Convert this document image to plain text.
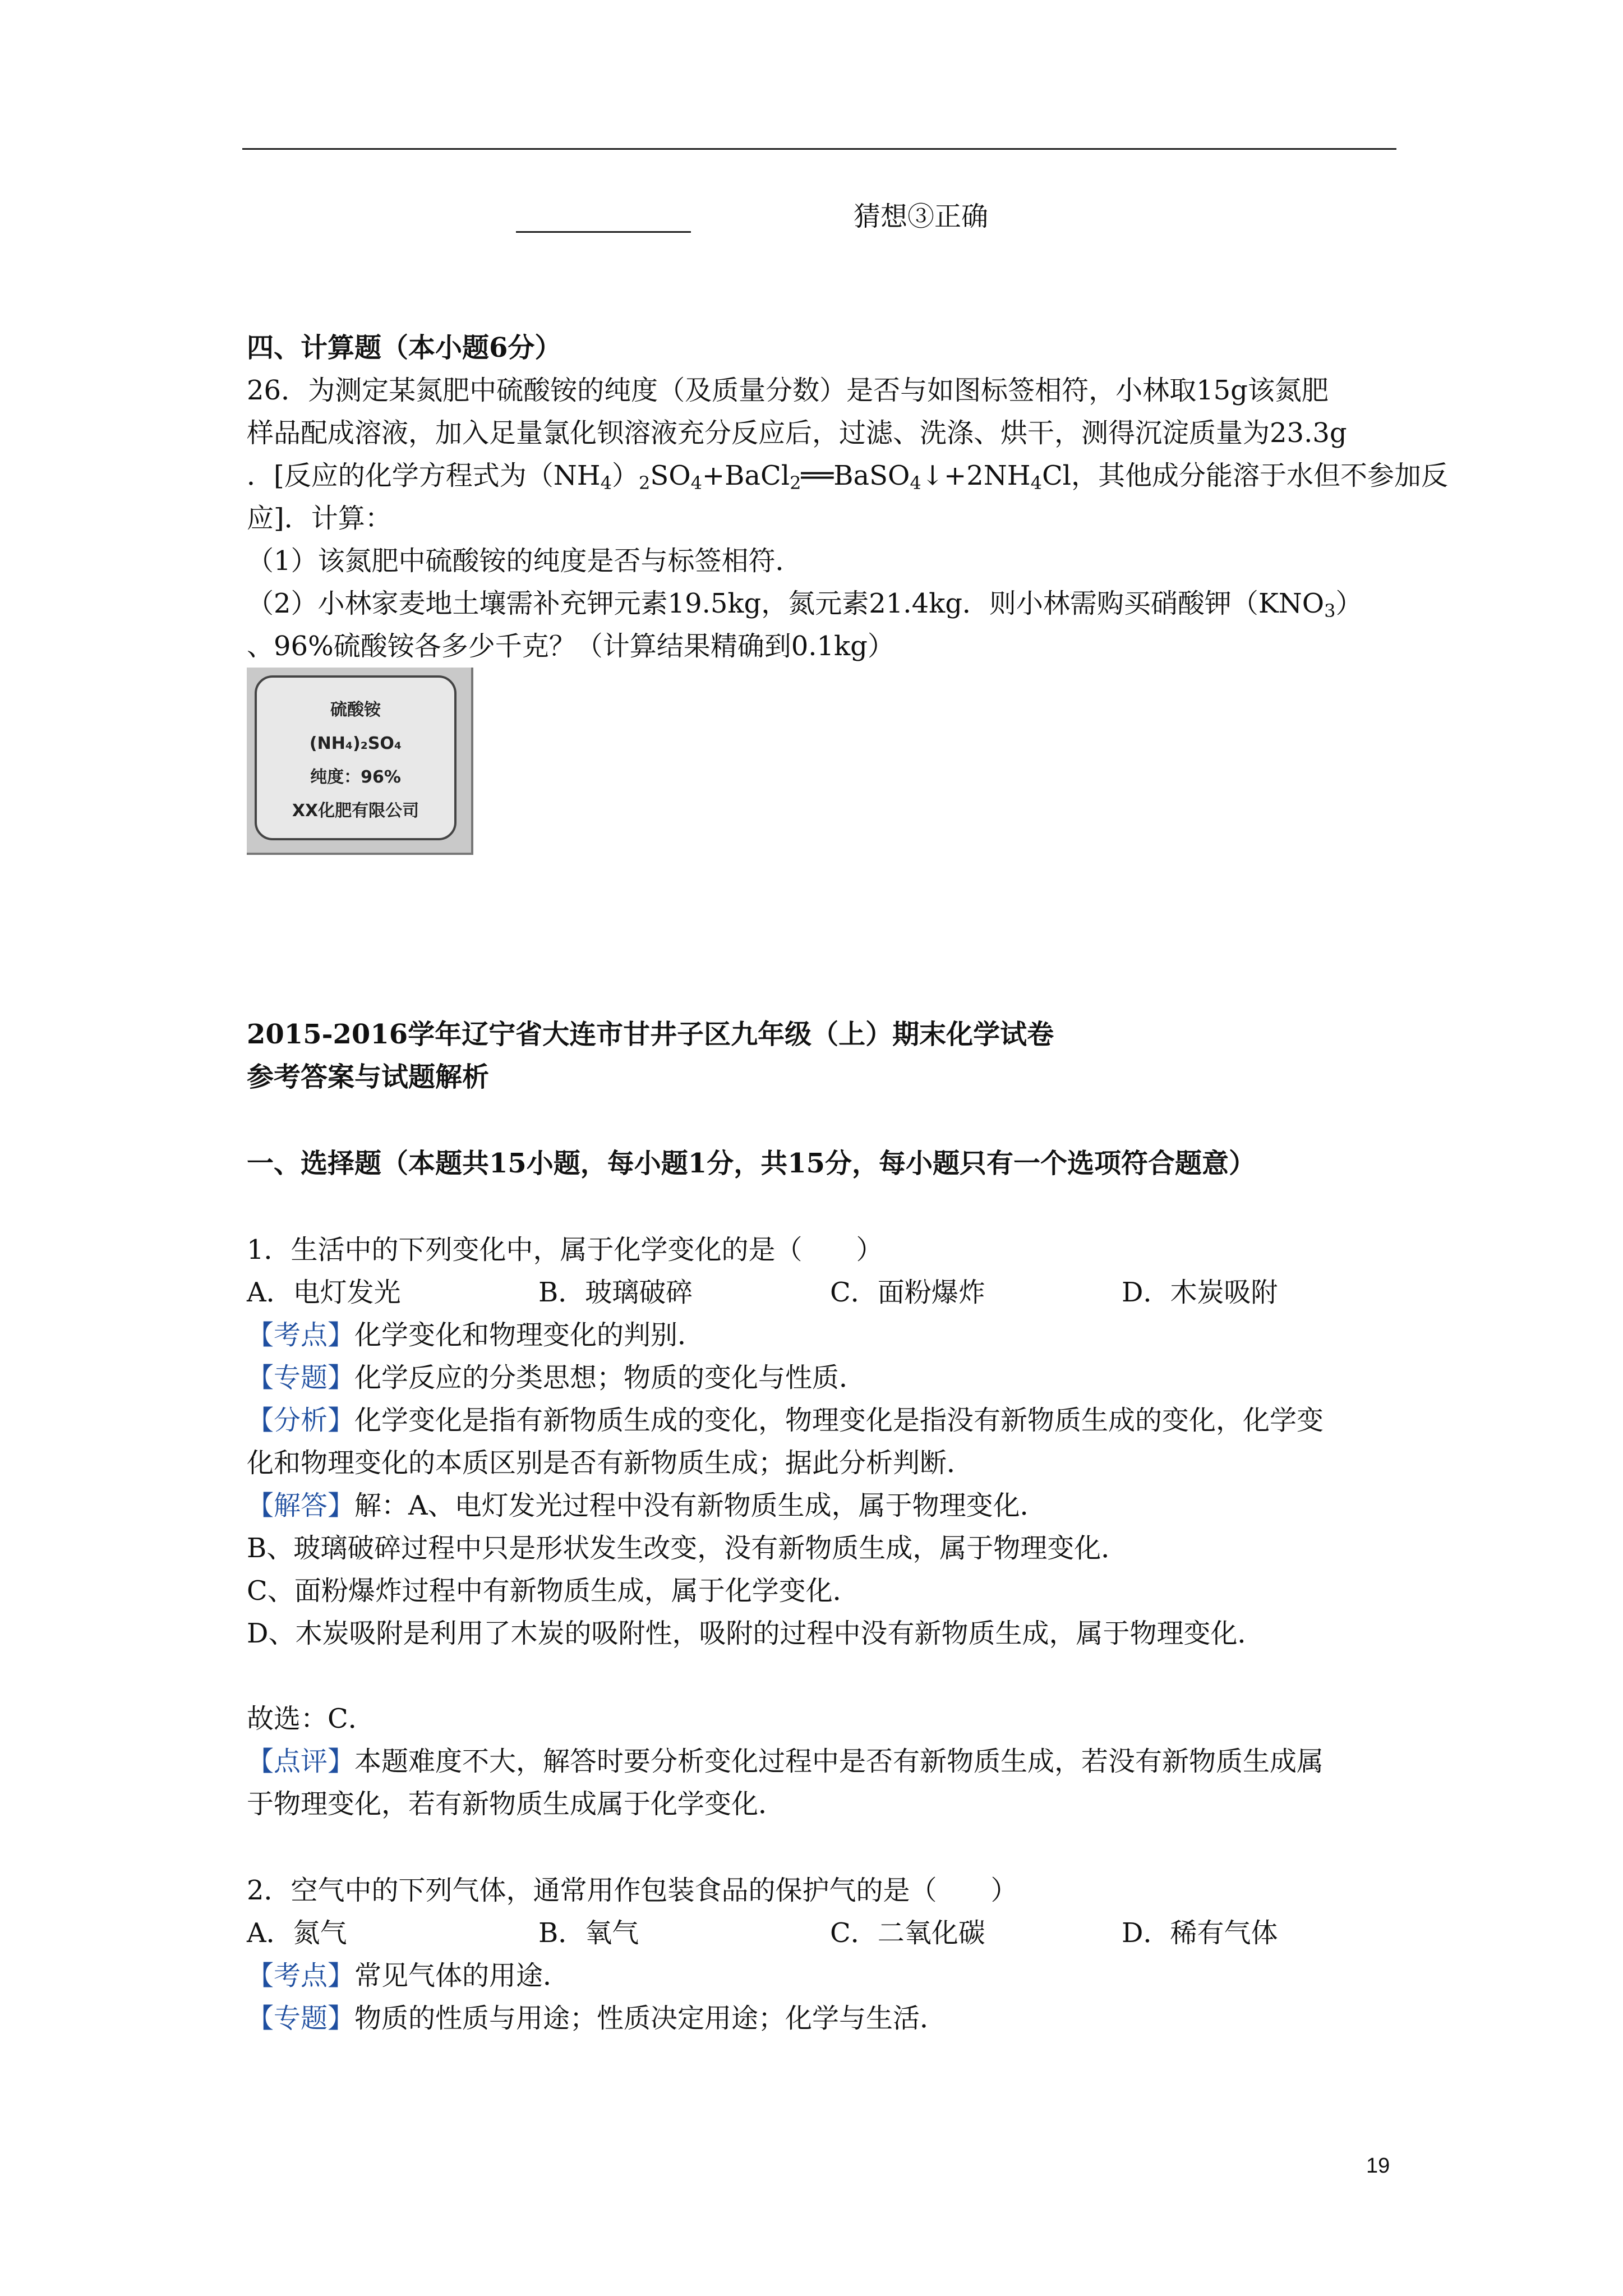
猜想③正确
四、计算题（本小题6分）
26．为测定某氮肥中硫酸铵的纯度（及质量分数）是否与如图标签相符，小林取15g该氮肥
样品配成溶液，加入足量氯化钡溶液充分反应后，过滤、洗涤、烘干，测得沉淀质量为23.3g
．[反应的化学方程式为$(NH_4)_2SO_4+BaCl_2══BaSO_4↓+2NH_4Cl$，其他成分能溶于水但不参加反
应]．计算：
（1）该氮肥中硫酸铵的纯度是否与标签相符．
（2）小林家麦地土壤需补充钾元素19.5kg，氮元素21.4kg．则小林需购买硝酸钾$(KNO_3)$
、96%硫酸铵各多少千克？（计算结果精确到0.1kg）
硫酸铵
(NH₄)₂SO₄
纯度：96%
XX化肥有限公司
2015-2016学年辽宁省大连市甘井子区九年级（上）期末化学试卷
参考答案与试题解析
一、选择题（本题共15小题，每小题1分，共15分，每小题只有一个选项符合题意）
1．生活中的下列变化中，属于化学变化的是（　　）
A．电灯发光	B．玻璃破碎	C．面粉爆炸	D．木炭吸附
【考点】化学变化和物理变化的判别．
【专题】化学反应的分类思想；物质的变化与性质．
【分析】化学变化是指有新物质生成的变化，物理变化是指没有新物质生成的变化，化学变
化和物理变化的本质区别是否有新物质生成；据此分析判断．
【解答】解：A、电灯发光过程中没有新物质生成，属于物理变化．
B、玻璃破碎过程中只是形状发生改变，没有新物质生成，属于物理变化．
C、面粉爆炸过程中有新物质生成，属于化学变化．
D、木炭吸附是利用了木炭的吸附性，吸附的过程中没有新物质生成，属于物理变化．
故选：C．
【点评】本题难度不大，解答时要分析变化过程中是否有新物质生成，若没有新物质生成属
于物理变化，若有新物质生成属于化学变化．
2．空气中的下列气体，通常用作包装食品的保护气的是（　　）
A．氮气	B．氧气	C．二氧化碳	D．稀有气体
【考点】常见气体的用途．
【专题】物质的性质与用途；性质决定用途；化学与生活．
19
